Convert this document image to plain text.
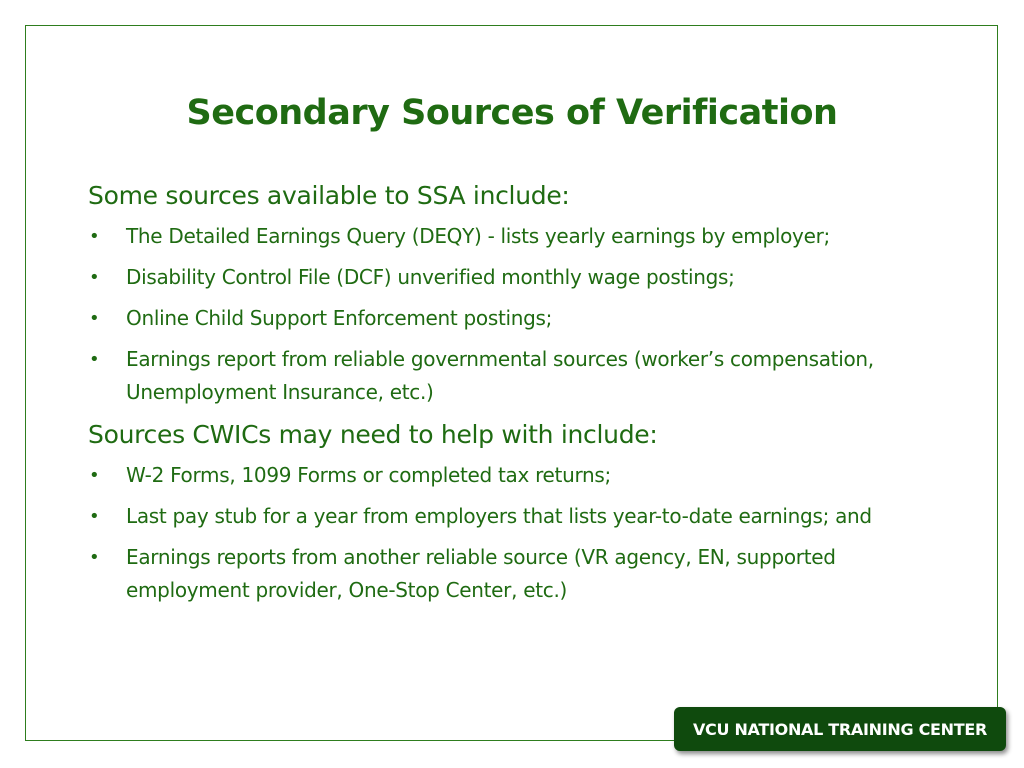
Secondary Sources of Verification

Some sources available to SSA include:

• The Detailed Earnings Query (DEQY) - lists yearly earnings by employer;
• Disability Control File (DCF) unverified monthly wage postings;
• Online Child Support Enforcement postings;
• Earnings report from reliable governmental sources (worker’s compensation, Unemployment Insurance, etc.)

Sources CWICs may need to help with include:

• W-2 Forms, 1099 Forms or completed tax returns;
• Last pay stub for a year from employers that lists year-to-date earnings; and
• Earnings reports from another reliable source (VR agency, EN, supported employment provider, One-Stop Center, etc.)
VCU NATIONAL TRAINING CENTER
